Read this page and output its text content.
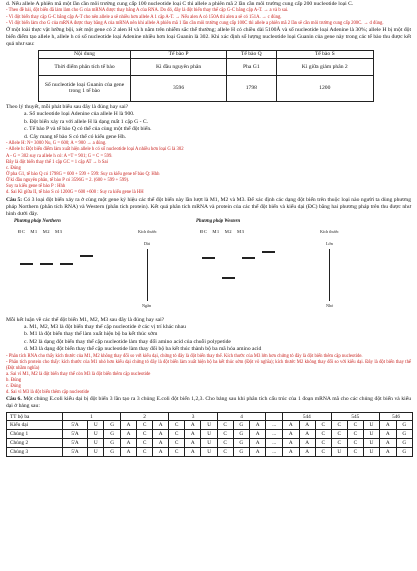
d. Nếu allele A phiên mã một lần cần môi trường cung cấp 100 nucleotide loại C thì allele a phiên mã 2 lần cần môi trường cung cấp 200 nucleotide loại C.

- Theo đề bài, đột biến đã làm làm cho G của mRNA được thay bằng A của RNA. Do đó, đây là đột biến thay thế cặp G-C bằng cặp A-T. → a và b sai.

- Vì đột biến thay cặp G-C bằng cặp A-T cho nên allele a sẽ nhiều hơn allele A 1 cặp A-T. → Nếu alen A có 150A thì alen a sẽ có 151A. → c đúng.

- Vì đột biến làm cho G của mRNA được thay bằng A của mRNA nên khi allele A phiên mã 1 lần cần môi trường cung cấp 100C thì allele a phiên mã 2 lần sẽ cần môi trường cung cấp 200C. → d đúng.

Ở một loài thực vật lưỡng bội, xét một gene có 2 alen H và h nằm trên nhiễm sắc thể thường; allele H có chiều dài 5100Å và số nucleotide loại Adenine là 30%; allele H bị một đột biến điểm tạo allele h, allele h có số nucleotide loại Adenine nhiều hơn loại Guanin là 302. Khi xác định số lượng nucleotide loại Guanin của gene này trong các tế bào thu được kết quả như sau:

Nội dung	Tế bào P	Tế bào Q	Tế bào S
Thời điểm phân tích tế bào	Kì đầu nguyên phân	Pha G1	Kì giữa giảm phân 2
Số nucleotide loại Guanin của gene trong 1 tế bào	3596	1798	1200

Theo lý thuyết, mỗi phát biểu sau đây là đúng hay sai?

a. Số nucleotide loại Adenine của allele H là 900.

b. Đột biến xảy ra với allele H là dạng mất 1 cặp G - C.

c. Tế bào P và tế bào Q có thể của cùng một thể đột biến.

d. Cây mang tế bào S có thể có kiểu gene Hh.

- Allele H: N= 3000 Nu, G = 600; A = 900 → a đúng.

- Allele h: Đột biến điểm làm xuất hiện allele h có số nucleotide loại A nhiều hơn loại G là 302

A - G = 302 suy ra allele h có: A =T = 901; G = C = 599.

Đây là đột biến thay thế 1 cặp GC = 1 cặp AT → b Sai

c. Đúng

Ở pha G1, tế bào Q có 1798G = 600 + 599 + 599: Suy ra kiểu gene tế bào Q: Hhh

Ở kì đầu nguyên phân, tế bào P có 3596G = 2. (600 + 599 + 599).

Suy ra kiểu gene tế bào P : Hhh

d. Sai Kì giữa II, tế bào S có 1200G = 600 +600 : Suy ra kiểu gene là HH

Câu 5: Có 3 loại đột biến xảy ra ở cùng một gene ký hiệu các thể đột biến này lần lượt là M1, M2 và M3. Để xác định các dạng đột biến trên thuộc loại nào người ta dùng phương pháp Northern (phân tích RNA) và Western (phân tích protein). Kết quả phân tích mRNA và protein của các thể đột biến và kiểu dại (ĐC) bằng hai phương pháp trên thu được như hình dưới đây.

Phương pháp Northern
ĐC M1 M2 M3	Kích thước
Dài
Ngắn
Phương pháp Western
ĐC M1 M2 M3	Kích thước
Lớn
Nhỏ

Mỗi kết luận về các thể đột biến M1, M2, M3 sau đây là đúng hay sai?

a. M1, M2, M3 là đột biến thay thế cặp nucleotide ở các vị trí khác nhau

b. M1 là đột biến thay thế làm xuất hiện bộ ba kết thúc sớm

c. M2 là dạng đột biến thay thế cặp nucleotide làm thay đổi amino acid của chuỗi polypetide

d. M3 là dạng đột biến thay thế cặp nucleotide làm thay đổi bộ ba kết thúc thành bộ ba mã hóa amino acid

- Phân tích RNA cho thấy kích thước của M1, M2 không thay đổi so với kiểu dại, chứng tỏ đây là đột biến thay thế. Kích thước của M3 lớn hơn chứng tỏ đây là đột biến thêm cặp nucleotide.

- Phân tích protein cho thấy: kích thước của M1 nhỏ hơn kiểu dại chứng tỏ đây là đột biến làm xuất hiện bộ ba kết thúc sớm (Đột vô nghĩa); kích thước M2 không thay đổi so với kiểu dại. Đây là đột biến thay thế (Đột nhầm nghĩa)

a. Sai vì M1, M2 là đột biến thay thế còn M3 là đột biến thêm cặp nucleotide

b. Đúng

c. Đúng

d. Sai vì M3 là đột biến thêm cặp nucleotide

Câu 6. Một chủng E.coli kiểu dại bị đột biến 3 lần tạo ra 3 chủng E.coli đột biến 1,2,3. Cho bảng sau khi phân tích cấu trúc của 1 đoạn mRNA mã cho các chủng đột biến và kiểu dại ở bảng sau:

TT bộ ba	1			2			3			4				544			545			546	
Kiểu dại	5'A	U	G	A	C	A	C	A	U	C	G	A	...	A	A	C	C	C	U	A	G
Chủng 1	5'A	U	G	A	C	A	C	A	U	C	G	A	...	A	A	C	C	C	U	A	G
Chủng 2	5'A	U	G	A	C	A	C	A	U	C	G	A	...	A	A	C	C	C	U	A	G
Chủng 3	5'A	U	G	A	C	A	C	A	U	C	G	A	...	A	A	C	U	C	U	A	G
